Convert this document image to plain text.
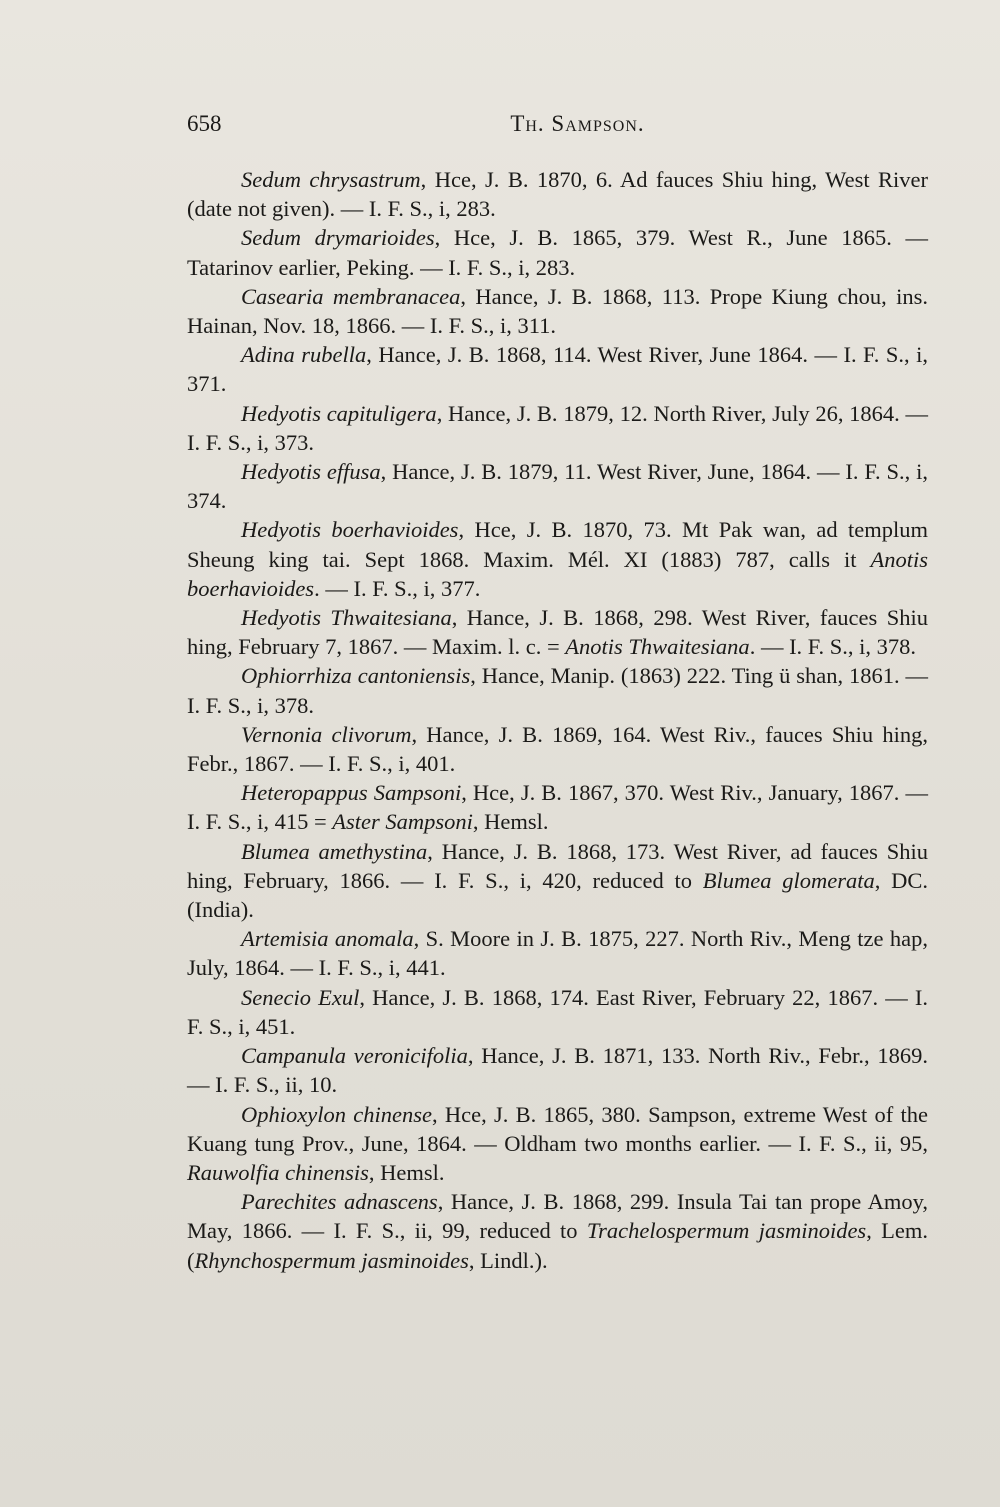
658	Th. Sampson.

Sedum chrysastrum, Hce, J. B. 1870, 6. Ad fauces Shiu hing, West River (date not given). — I. F. S., i, 283.

Sedum drymarioides, Hce, J. B. 1865, 379. West R., June 1865. — Tatarinov earlier, Peking. — I. F. S., i, 283.

Casearia membranacea, Hance, J. B. 1868, 113. Prope Kiung chou, ins. Hainan, Nov. 18, 1866. — I. F. S., i, 311.

Adina rubella, Hance, J. B. 1868, 114. West River, June 1864. — I. F. S., i, 371.

Hedyotis capituligera, Hance, J. B. 1879, 12. North River, July 26, 1864. — I. F. S., i, 373.

Hedyotis effusa, Hance, J. B. 1879, 11. West River, June, 1864. — I. F. S., i, 374.

Hedyotis boerhavioides, Hce, J. B. 1870, 73. Mt Pak wan, ad templum Sheung king tai. Sept 1868. Maxim. Mél. XI (1883) 787, calls it Anotis boerhavioides. — I. F. S., i, 377.

Hedyotis Thwaitesiana, Hance, J. B. 1868, 298. West River, fauces Shiu hing, February 7, 1867. — Maxim. l. c. = Anotis Thwaitesiana. — I. F. S., i, 378.

Ophiorrhiza cantoniensis, Hance, Manip. (1863) 222. Ting ü shan, 1861. — I. F. S., i, 378.

Vernonia clivorum, Hance, J. B. 1869, 164. West Riv., fauces Shiu hing, Febr., 1867. — I. F. S., i, 401.

Heteropappus Sampsoni, Hce, J. B. 1867, 370. West Riv., January, 1867. — I. F. S., i, 415 = Aster Sampsoni, Hemsl.

Blumea amethystina, Hance, J. B. 1868, 173. West River, ad fauces Shiu hing, February, 1866. — I. F. S., i, 420, reduced to Blumea glomerata, DC. (India).

Artemisia anomala, S. Moore in J. B. 1875, 227. North Riv., Meng tze hap, July, 1864. — I. F. S., i, 441.

Senecio Exul, Hance, J. B. 1868, 174. East River, February 22, 1867. — I. F. S., i, 451.

Campanula veronicifolia, Hance, J. B. 1871, 133. North Riv., Febr., 1869. — I. F. S., ii, 10.

Ophioxylon chinense, Hce, J. B. 1865, 380. Sampson, extreme West of the Kuang tung Prov., June, 1864. — Oldham two months earlier. — I. F. S., ii, 95, Rauwolfia chinensis, Hemsl.

Parechites adnascens, Hance, J. B. 1868, 299. Insula Tai tan prope Amoy, May, 1866. — I. F. S., ii, 99, reduced to Trachelospermum jasminoides, Lem. (Rhynchospermum jasminoides, Lindl.).
